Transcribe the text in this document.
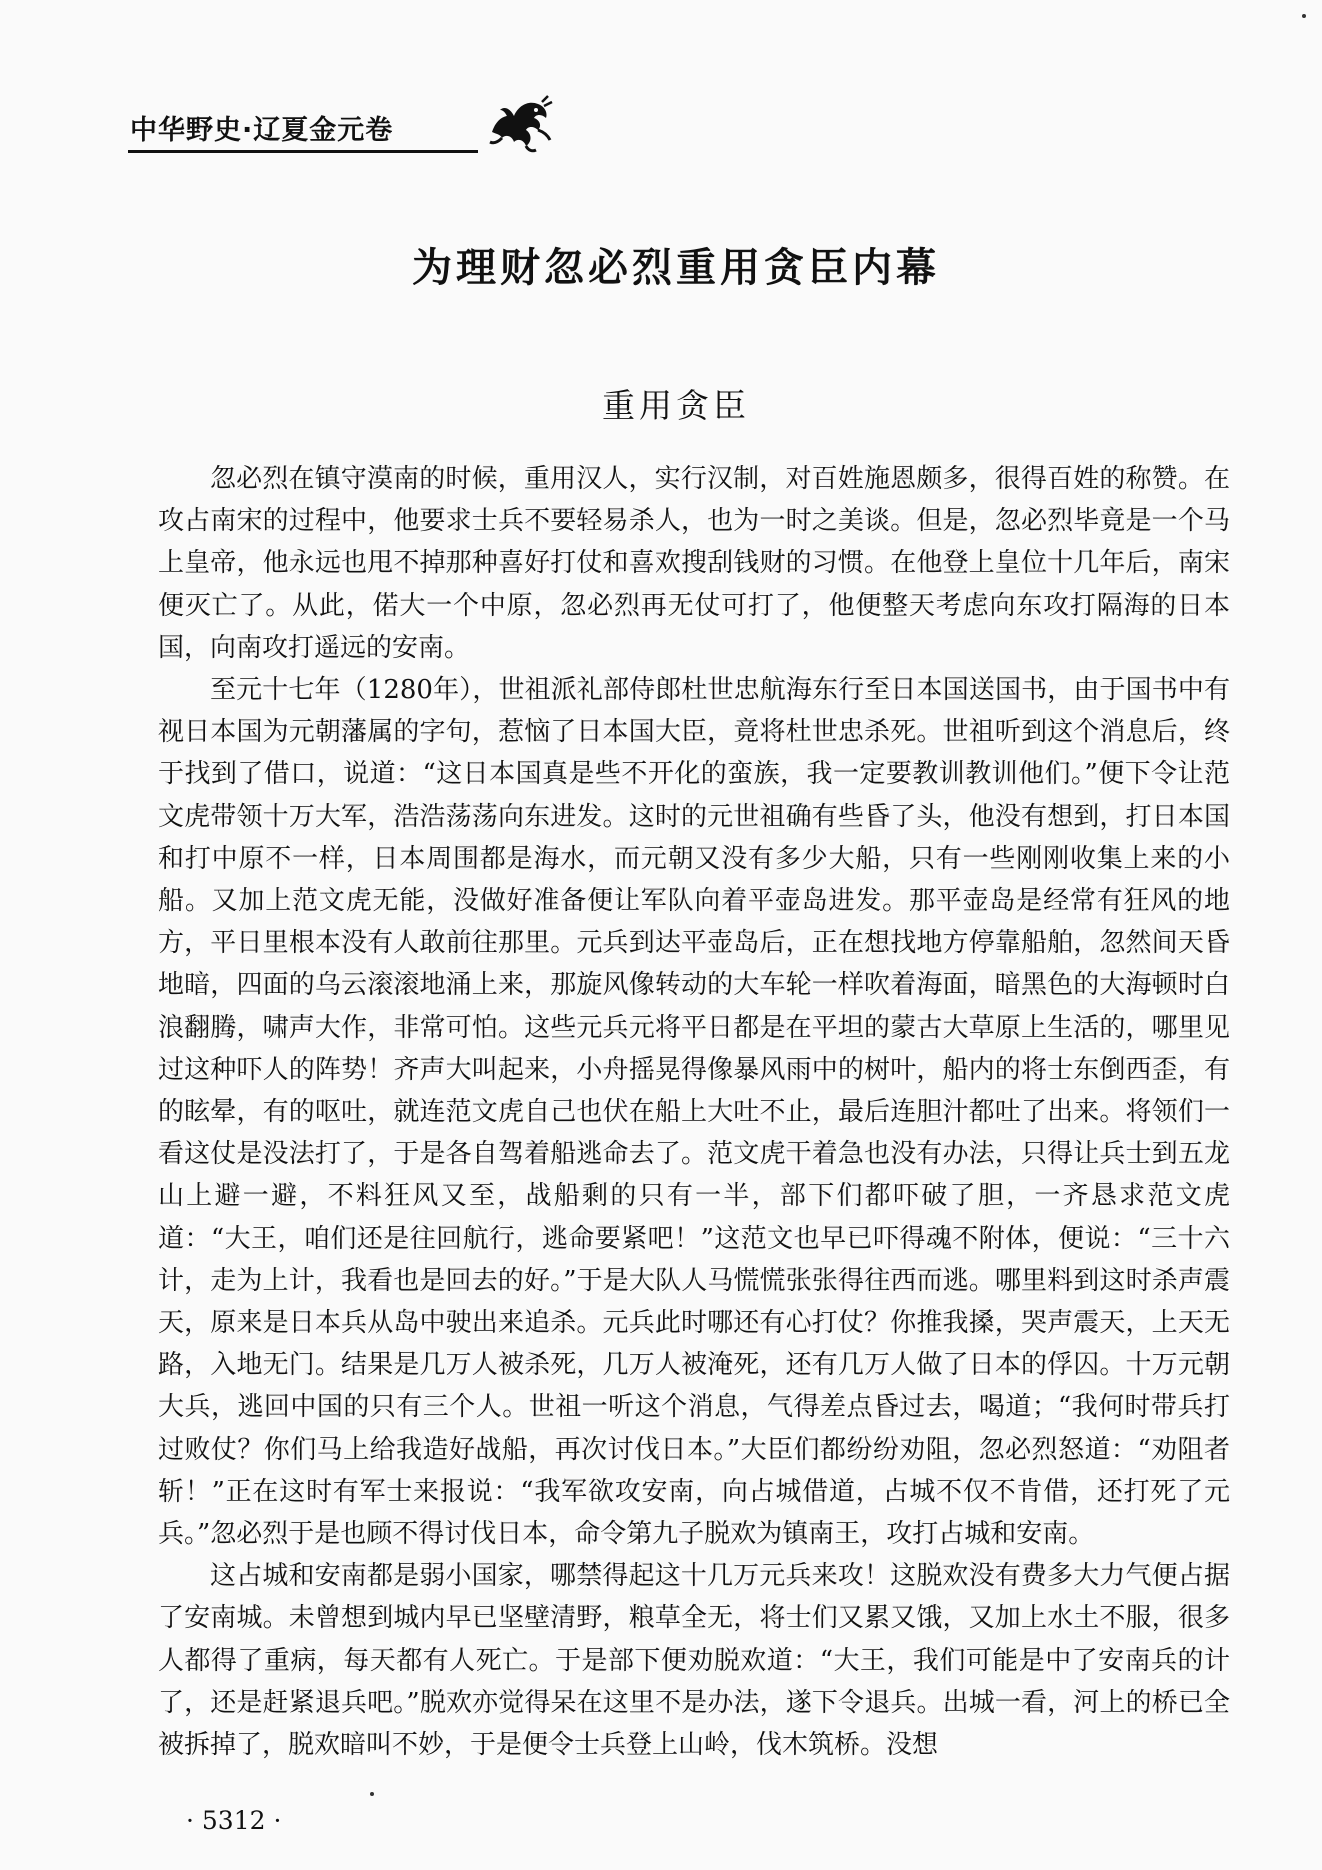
中华野史·辽夏金元卷
为理财忽必烈重用贪臣内幕
重用贪臣

忽必烈在镇守漠南的时候，重用汉人，实行汉制，对百姓施恩颇多，很得百姓的称赞。在攻占南宋的过程中，他要求士兵不要轻易杀人，也为一时之美谈。但是，忽必烈毕竟是一个马上皇帝，他永远也甩不掉那种喜好打仗和喜欢搜刮钱财的习惯。在他登上皇位十几年后，南宋便灭亡了。从此，偌大一个中原，忽必烈再无仗可打了，他便整天考虑向东攻打隔海的日本国，向南攻打遥远的安南。

至元十七年（1280年），世祖派礼部侍郎杜世忠航海东行至日本国送国书，由于国书中有视日本国为元朝藩属的字句，惹恼了日本国大臣，竟将杜世忠杀死。世祖听到这个消息后，终于找到了借口，说道：“这日本国真是些不开化的蛮族，我一定要教训教训他们。”便下令让范文虎带领十万大军，浩浩荡荡向东进发。这时的元世祖确有些昏了头，他没有想到，打日本国和打中原不一样，日本周围都是海水，而元朝又没有多少大船，只有一些刚刚收集上来的小船。又加上范文虎无能，没做好准备便让军队向着平壶岛进发。那平壶岛是经常有狂风的地方，平日里根本没有人敢前往那里。元兵到达平壶岛后，正在想找地方停靠船舶，忽然间天昏地暗，四面的乌云滚滚地涌上来，那旋风像转动的大车轮一样吹着海面，暗黑色的大海顿时白浪翻腾，啸声大作，非常可怕。这些元兵元将平日都是在平坦的蒙古大草原上生活的，哪里见过这种吓人的阵势！齐声大叫起来，小舟摇晃得像暴风雨中的树叶，船内的将士东倒西歪，有的眩晕，有的呕吐，就连范文虎自己也伏在船上大吐不止，最后连胆汁都吐了出来。将领们一看这仗是没法打了，于是各自驾着船逃命去了。范文虎干着急也没有办法，只得让兵士到五龙山上避一避，不料狂风又至，战船剩的只有一半，部下们都吓破了胆，一齐恳求范文虎道：“大王，咱们还是往回航行，逃命要紧吧！”这范文也早已吓得魂不附体，便说：“三十六计，走为上计，我看也是回去的好。”于是大队人马慌慌张张得往西而逃。哪里料到这时杀声震天，原来是日本兵从岛中驶出来追杀。元兵此时哪还有心打仗？你推我搡，哭声震天，上天无路，入地无门。结果是几万人被杀死，几万人被淹死，还有几万人做了日本的俘囚。十万元朝大兵，逃回中国的只有三个人。世祖一听这个消息，气得差点昏过去，喝道；“我何时带兵打过败仗？你们马上给我造好战船，再次讨伐日本。”大臣们都纷纷劝阻，忽必烈怒道：“劝阻者斩！”正在这时有军士来报说：“我军欲攻安南，向占城借道，占城不仅不肯借，还打死了元兵。”忽必烈于是也顾不得讨伐日本，命令第九子脱欢为镇南王，攻打占城和安南。

这占城和安南都是弱小国家，哪禁得起这十几万元兵来攻！这脱欢没有费多大力气便占据了安南城。未曾想到城内早已坚壁清野，粮草全无，将士们又累又饿，又加上水土不服，很多人都得了重病，每天都有人死亡。于是部下便劝脱欢道：“大王，我们可能是中了安南兵的计了，还是赶紧退兵吧。”脱欢亦觉得呆在这里不是办法，遂下令退兵。出城一看，河上的桥已全被拆掉了，脱欢暗叫不妙，于是便令士兵登上山岭，伐木筑桥。没想

· 5312 ·
